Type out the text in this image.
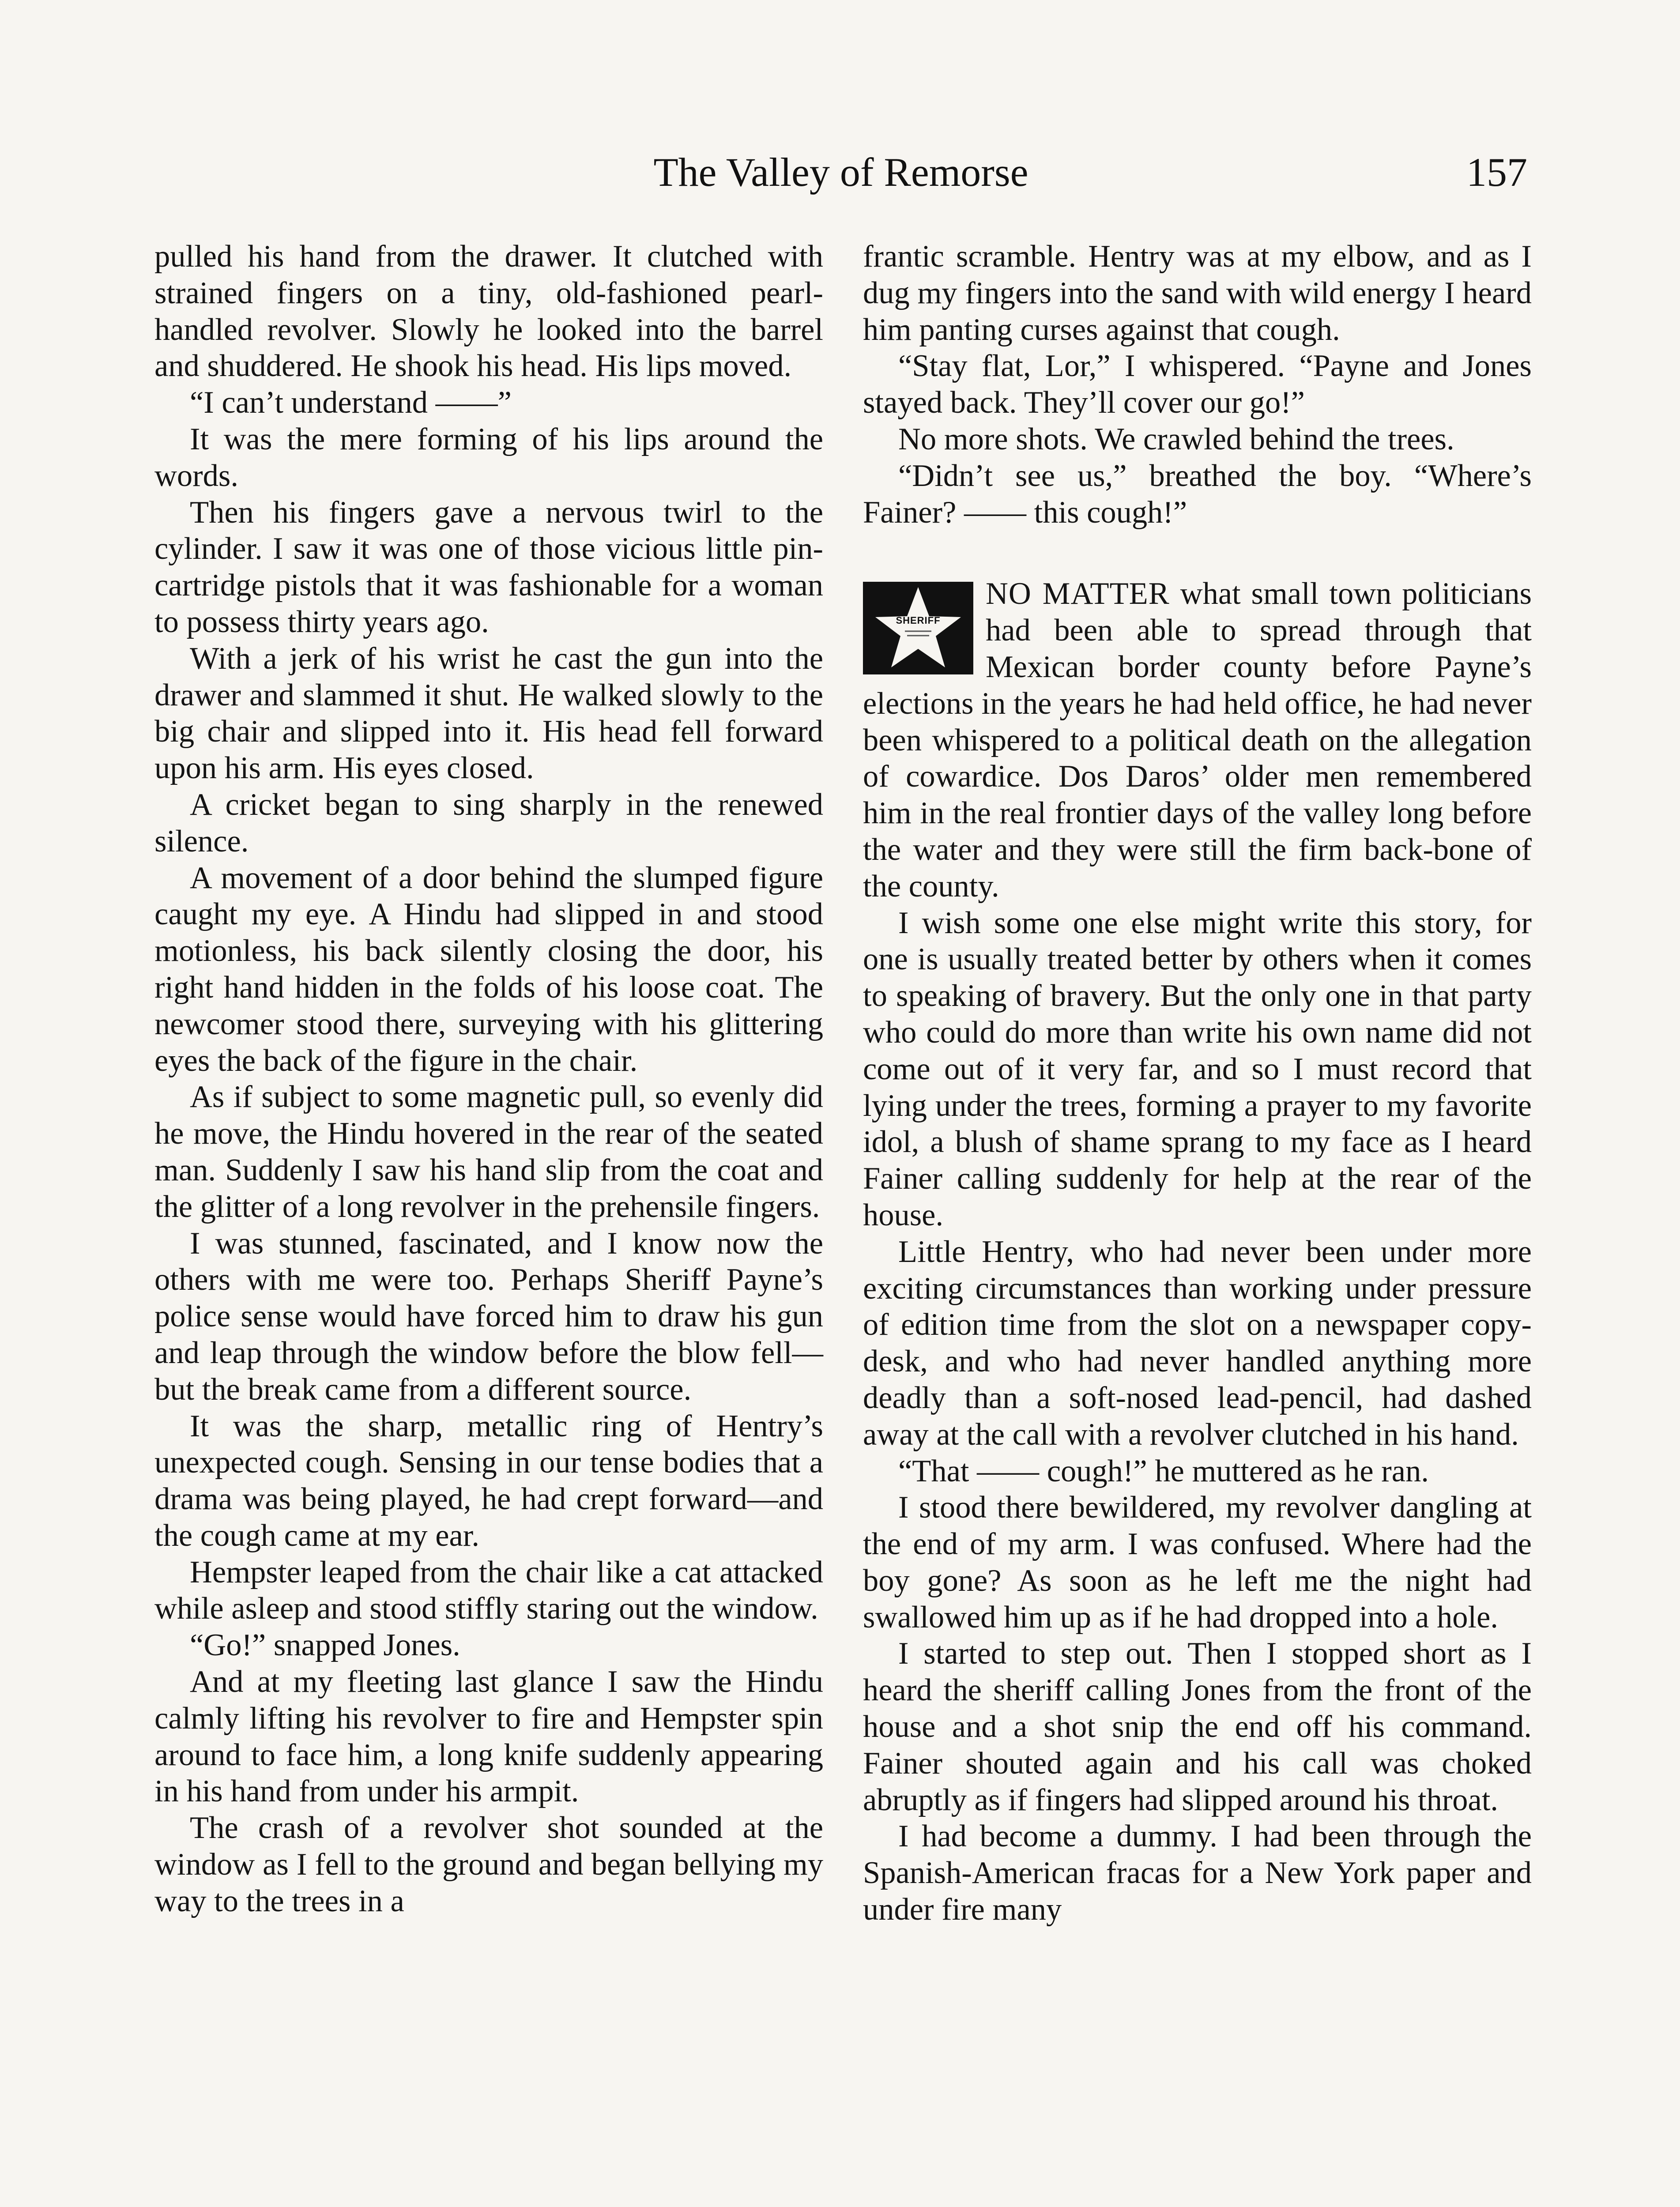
The Valley of Remorse	157

pulled his hand from the drawer. It clutched with strained fingers on a tiny, old-fashioned pearl-handled revolver. Slowly he looked into the barrel and shuddered. He shook his head. His lips moved.

“I can’t understand ——”

It was the mere forming of his lips around the words.

Then his fingers gave a nervous twirl to the cylinder. I saw it was one of those vicious little pin-cartridge pistols that it was fashionable for a woman to possess thirty years ago.

With a jerk of his wrist he cast the gun into the drawer and slammed it shut. He walked slowly to the big chair and slipped into it. His head fell forward upon his arm. His eyes closed.

A cricket began to sing sharply in the renewed silence.

A movement of a door behind the slumped figure caught my eye. A Hindu had slipped in and stood motionless, his back silently closing the door, his right hand hidden in the folds of his loose coat. The newcomer stood there, surveying with his glittering eyes the back of the figure in the chair.

As if subject to some magnetic pull, so evenly did he move, the Hindu hovered in the rear of the seated man. Suddenly I saw his hand slip from the coat and the glitter of a long revolver in the prehensile fingers.

I was stunned, fascinated, and I know now the others with me were too. Perhaps Sheriff Payne’s police sense would have forced him to draw his gun and leap through the window before the blow fell—but the break came from a different source.

It was the sharp, metallic ring of Hentry’s unexpected cough. Sensing in our tense bodies that a drama was being played, he had crept forward—and the cough came at my ear.

Hempster leaped from the chair like a cat attacked while asleep and stood stiffly staring out the window.

“Go!” snapped Jones.

And at my fleeting last glance I saw the Hindu calmly lifting his revolver to fire and Hempster spin around to face him, a long knife suddenly appearing in his hand from under his armpit.

The crash of a revolver shot sounded at the window as I fell to the ground and began bellying my way to the trees in a

frantic scramble. Hentry was at my elbow, and as I dug my fingers into the sand with wild energy I heard him panting curses against that cough.

“Stay flat, Lor,” I whispered. “Payne and Jones stayed back. They’ll cover our go!”

No more shots. We crawled behind the trees.

“Didn’t see us,” breathed the boy. “Where’s Fainer? —— this cough!”

SHERIFF

NO MATTER what small town politicians had been able to spread through that Mexican border county before Payne’s elections in the years he had held office, he had never been whispered to a political death on the allegation of cowardice. Dos Daros’ older men remembered him in the real frontier days of the valley long before the water and they were still the firm back-bone of the county.

I wish some one else might write this story, for one is usually treated better by others when it comes to speaking of bravery. But the only one in that party who could do more than write his own name did not come out of it very far, and so I must record that lying under the trees, forming a prayer to my favorite idol, a blush of shame sprang to my face as I heard Fainer calling suddenly for help at the rear of the house.

Little Hentry, who had never been under more exciting circumstances than working under pressure of edition time from the slot on a newspaper copy-desk, and who had never handled anything more deadly than a soft-nosed lead-pencil, had dashed away at the call with a revolver clutched in his hand.

“That —— cough!” he muttered as he ran.

I stood there bewildered, my revolver dangling at the end of my arm. I was confused. Where had the boy gone? As soon as he left me the night had swallowed him up as if he had dropped into a hole.

I started to step out. Then I stopped short as I heard the sheriff calling Jones from the front of the house and a shot snip the end off his command. Fainer shouted again and his call was choked abruptly as if fingers had slipped around his throat.

I had become a dummy. I had been through the Spanish-American fracas for a New York paper and under fire many
